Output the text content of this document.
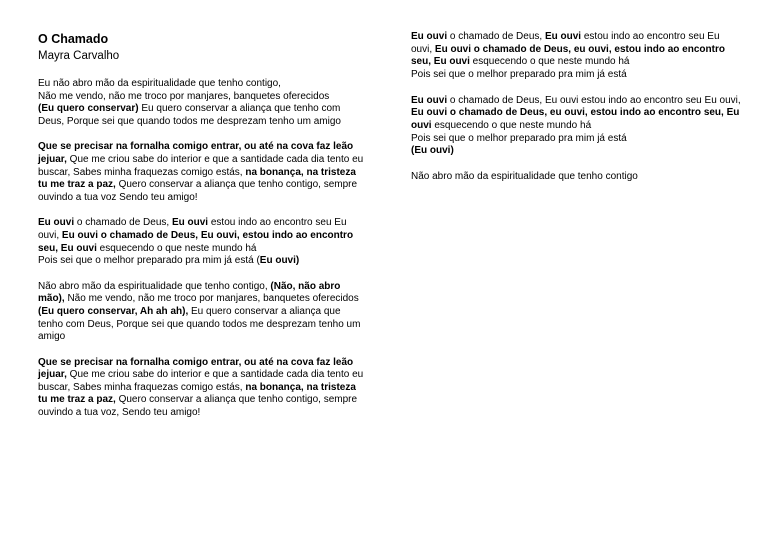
O Chamado
Mayra Carvalho

Eu não abro mão da espiritualidade que tenho contigo,
Não me vendo, não me troco por manjares, banquetes oferecidos
(Eu quero conservar) Eu quero conservar a aliança que tenho com Deus, Porque sei que quando todos me desprezam tenho um amigo

Que se precisar na fornalha comigo entrar, ou até na cova faz leão jejuar, Que me criou sabe do interior e que a santidade cada dia tento eu buscar, Sabes minha fraquezas comigo estás, na bonança, na tristeza tu me traz a paz, Quero conservar a aliança que tenho contigo, sempre ouvindo a tua voz Sendo teu amigo!

Eu ouvi o chamado de Deus, Eu ouvi estou indo ao encontro seu Eu ouvi, Eu ouvi o chamado de Deus, Eu ouvi, estou indo ao encontro seu, Eu ouvi esquecendo o que neste mundo há
Pois sei que o melhor preparado pra mim já está (Eu ouvi)

Não abro mão da espiritualidade que tenho contigo, (Não, não abro mão), Não me vendo, não me troco por manjares, banquetes oferecidos (Eu quero conservar, Ah ah ah), Eu quero conservar a aliança que tenho com Deus, Porque sei que quando todos me desprezam tenho um amigo

Que se precisar na fornalha comigo entrar, ou até na cova faz leão jejuar, Que me criou sabe do interior e que a santidade cada dia tento eu buscar, Sabes minha fraquezas comigo estás, na bonança, na tristeza tu me traz a paz, Quero conservar a aliança que tenho contigo, sempre ouvindo a tua voz, Sendo teu amigo!

Eu ouvi o chamado de Deus, Eu ouvi estou indo ao encontro seu Eu ouvi, Eu ouvi o chamado de Deus, eu ouvi, estou indo ao encontro seu, Eu ouvi esquecendo o que neste mundo há
Pois sei que o melhor preparado pra mim já está

Eu ouvi o chamado de Deus, Eu ouvi estou indo ao encontro seu Eu ouvi, Eu ouvi o chamado de Deus, eu ouvi, estou indo ao encontro seu, Eu ouvi esquecendo o que neste mundo há
Pois sei que o melhor preparado pra mim já está
(Eu ouvi)

Não abro mão da espiritualidade que tenho contigo
